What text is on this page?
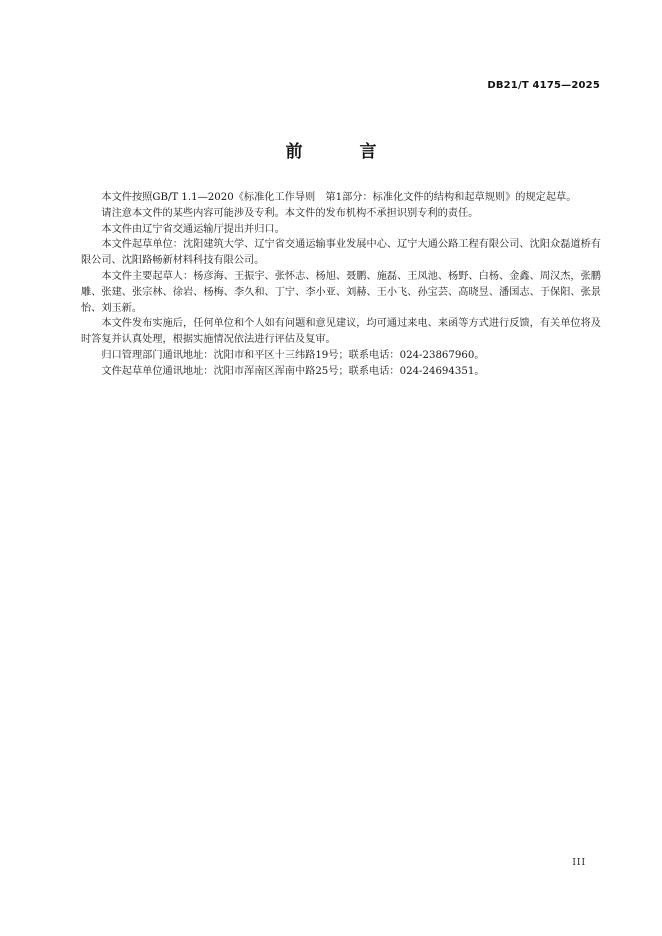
DB21/T 4175—2025
前　言

本文件按照GB/T 1.1—2020《标准化工作导则　第1部分：标准化文件的结构和起草规则》的规定起草。

请注意本文件的某些内容可能涉及专利。本文件的发布机构不承担识别专利的责任。

本文件由辽宁省交通运输厅提出并归口。

本文件起草单位：沈阳建筑大学、辽宁省交通运输事业发展中心、辽宁大通公路工程有限公司、沈阳众磊道桥有限公司、沈阳路畅新材料科技有限公司。

本文件主要起草人：杨彦海、王振宇、张怀志、杨旭、聂鹏、施磊、王凤池、杨野、白杨、金鑫、周汉杰，张鹏雕、张建、张宗林、徐岩、杨梅、李久和、丁宁、李小亚、刘赫、王小飞、孙宝芸、高晓昱、潘国志、于保阳、张景怡、刘玉新。

本文件发布实施后，任何单位和个人如有问题和意见建议，均可通过来电、来函等方式进行反馈，有关单位将及时答复并认真处理，根据实施情况依法进行评估及复审。

归口管理部门通讯地址：沈阳市和平区十三纬路19号；联系电话：024-23867960。

文件起草单位通讯地址：沈阳市浑南区浑南中路25号；联系电话：024-24694351。

III
